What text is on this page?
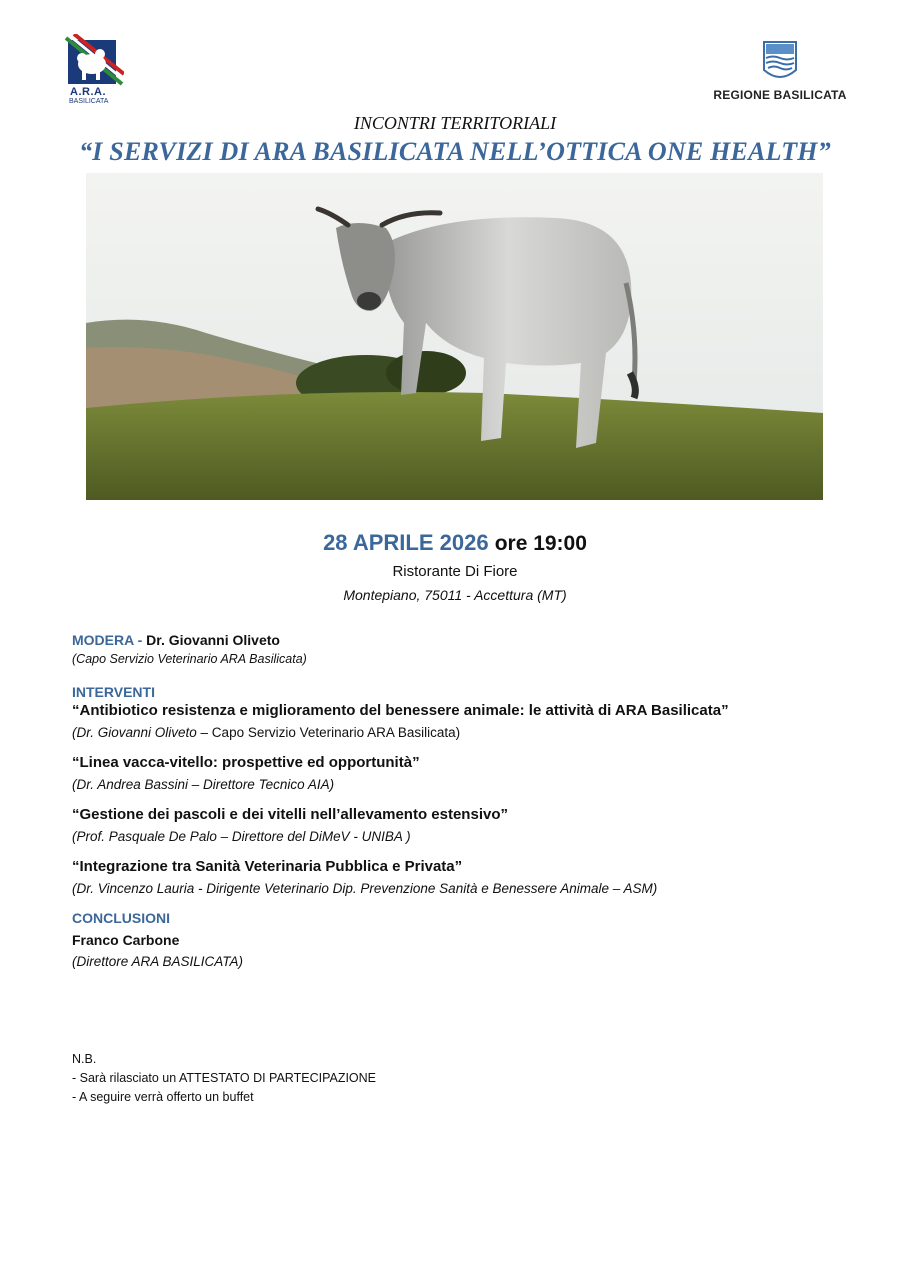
A.R.A.
BASILICATA	REGIONE BASILICATA
INCONTRI TERRITORIALI
“I SERVIZI DI ARA BASILICATA NELL’OTTICA ONE HEALTH”
28 APRILE 2026 ore 19:00
Ristorante Di Fiore
Montepiano, 75011 - Accettura (MT)
MODERA - Dr. Giovanni Oliveto
(Capo Servizio Veterinario ARA Basilicata)
INTERVENTI
“Antibiotico resistenza e miglioramento del benessere animale: le attività di ARA Basilicata”
(Dr. Giovanni Oliveto – Capo Servizio Veterinario ARA Basilicata)
“Linea vacca-vitello: prospettive ed opportunità”
(Dr. Andrea Bassini – Direttore Tecnico AIA)
“Gestione dei pascoli e dei vitelli nell’allevamento estensivo”
(Prof. Pasquale De Palo – Direttore del DiMeV - UNIBA )
“Integrazione tra Sanità Veterinaria Pubblica e Privata”
(Dr. Vincenzo Lauria - Dirigente Veterinario Dip. Prevenzione Sanità e Benessere Animale – ASM)
CONCLUSIONI
Franco Carbone
(Direttore ARA BASILICATA)
N.B.
- Sarà rilasciato un ATTESTATO DI PARTECIPAZIONE
- A seguire verrà offerto un buffet
